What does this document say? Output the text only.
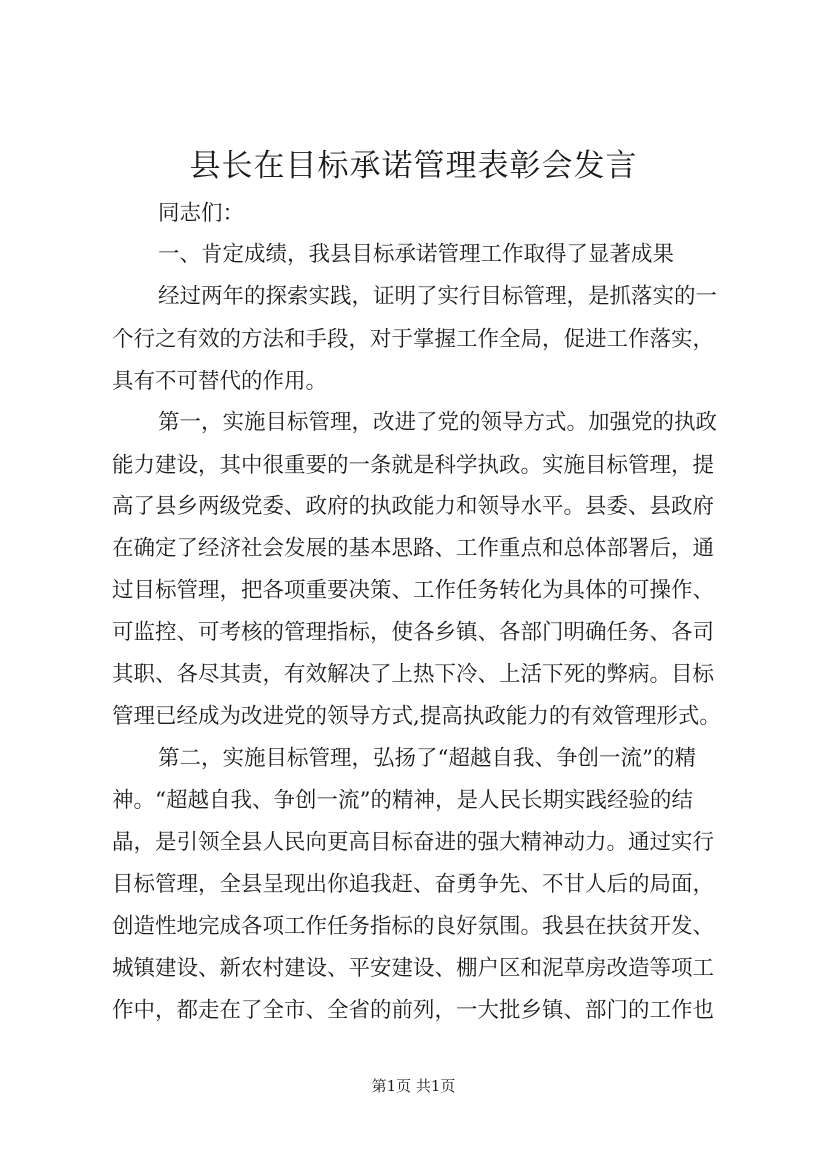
县长在目标承诺管理表彰会发言
同志们：
一、肯定成绩，我县目标承诺管理工作取得了显著成果
经过两年的探索实践，证明了实行目标管理，是抓落实的一
个行之有效的方法和手段，对于掌握工作全局，促进工作落实，
具有不可替代的作用。
第一，实施目标管理，改进了党的领导方式。加强党的执政
能力建设，其中很重要的一条就是科学执政。实施目标管理，提
高了县乡两级党委、政府的执政能力和领导水平。县委、县政府
在确定了经济社会发展的基本思路、工作重点和总体部署后，通
过目标管理，把各项重要决策、工作任务转化为具体的可操作、
可监控、可考核的管理指标，使各乡镇、各部门明确任务、各司
其职、各尽其责，有效解决了上热下冷、上活下死的弊病。目标
管理已经成为改进党的领导方式,提高执政能力的有效管理形式。
第二，实施目标管理，弘扬了“超越自我、争创一流”的精
神。“超越自我、争创一流”的精神，是人民长期实践经验的结
晶，是引领全县人民向更高目标奋进的强大精神动力。通过实行
目标管理，全县呈现出你追我赶、奋勇争先、不甘人后的局面，
创造性地完成各项工作任务指标的良好氛围。我县在扶贫开发、
城镇建设、新农村建设、平安建设、棚户区和泥草房改造等项工
作中，都走在了全市、全省的前列，一大批乡镇、部门的工作也
第1页 共1页
